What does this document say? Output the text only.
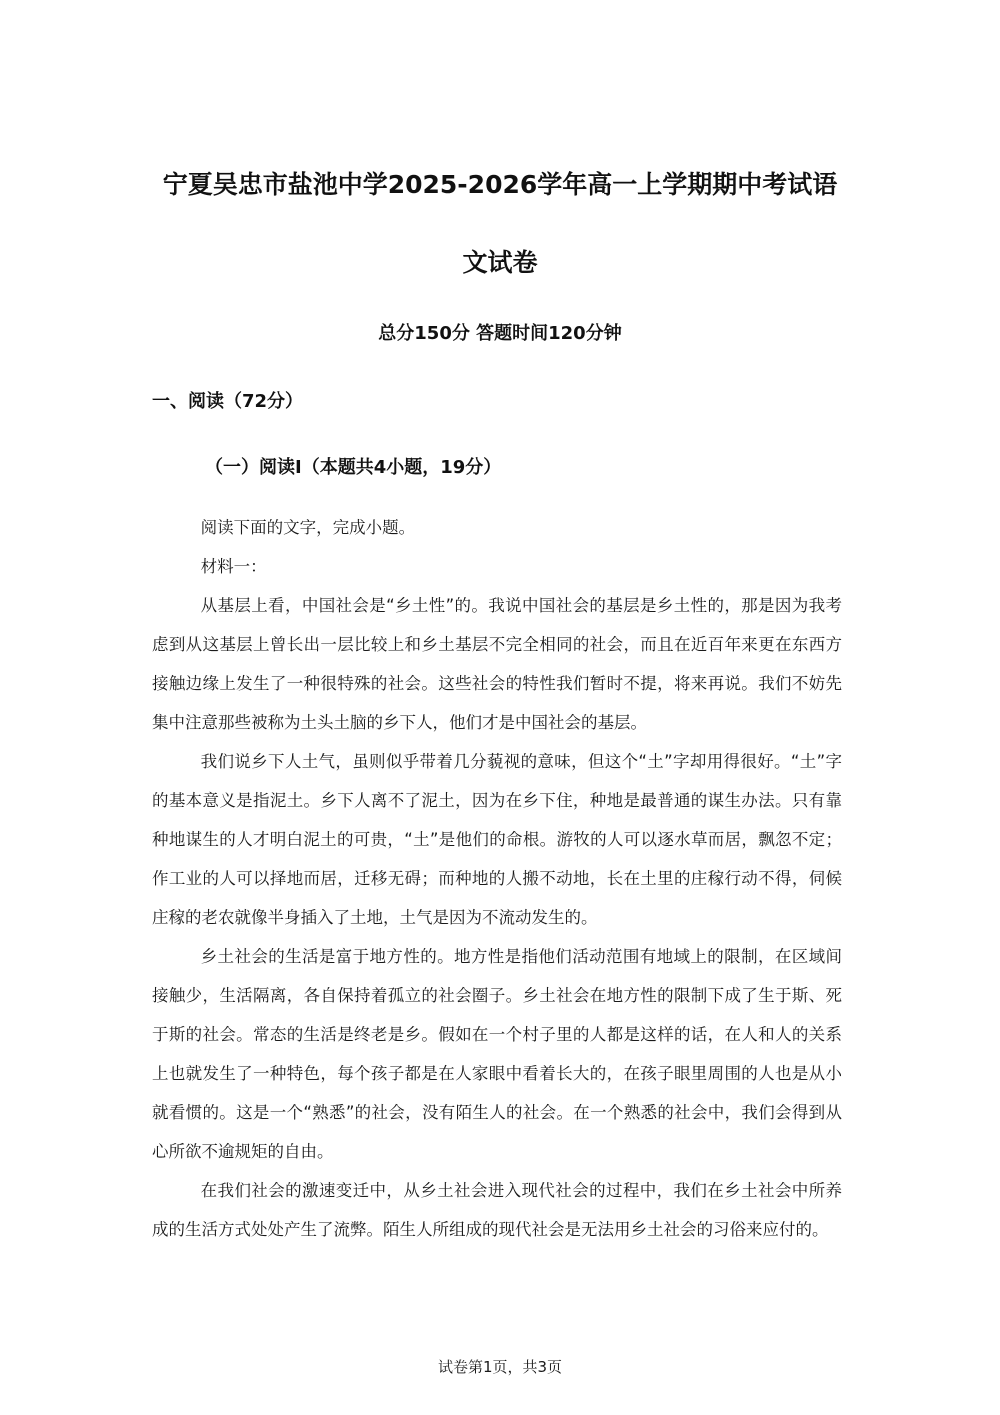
宁夏吴忠市盐池中学2025-2026学年高一上学期期中考试语
文试卷
总分150分 答题时间120分钟
一、阅读（72分）
（一）阅读I（本题共4小题，19分）

阅读下面的文字，完成小题。

材料一：

从基层上看，中国社会是“乡土性”的。我说中国社会的基层是乡土性的，那是因为我考虑到从这基层上曾长出一层比较上和乡土基层不完全相同的社会，而且在近百年来更在东西方接触边缘上发生了一种很特殊的社会。这些社会的特性我们暂时不提，将来再说。我们不妨先集中注意那些被称为土头土脑的乡下人，他们才是中国社会的基层。

我们说乡下人土气，虽则似乎带着几分藐视的意味，但这个“土”字却用得很好。“土”字的基本意义是指泥土。乡下人离不了泥土，因为在乡下住，种地是最普通的谋生办法。只有靠种地谋生的人才明白泥土的可贵，“土”是他们的命根。游牧的人可以逐水草而居，飘忽不定；作工业的人可以择地而居，迁移无碍；而种地的人搬不动地，长在土里的庄稼行动不得，伺候庄稼的老农就像半身插入了土地，土气是因为不流动发生的。

乡土社会的生活是富于地方性的。地方性是指他们活动范围有地域上的限制，在区域间接触少，生活隔离，各自保持着孤立的社会圈子。乡土社会在地方性的限制下成了生于斯、死于斯的社会。常态的生活是终老是乡。假如在一个村子里的人都是这样的话，在人和人的关系上也就发生了一种特色，每个孩子都是在人家眼中看着长大的，在孩子眼里周围的人也是从小就看惯的。这是一个“熟悉”的社会，没有陌生人的社会。在一个熟悉的社会中，我们会得到从心所欲不逾规矩的自由。

在我们社会的激速变迁中，从乡土社会进入现代社会的过程中，我们在乡土社会中所养成的生活方式处处产生了流弊。陌生人所组成的现代社会是无法用乡土社会的习俗来应付的。

试卷第1页，共3页
